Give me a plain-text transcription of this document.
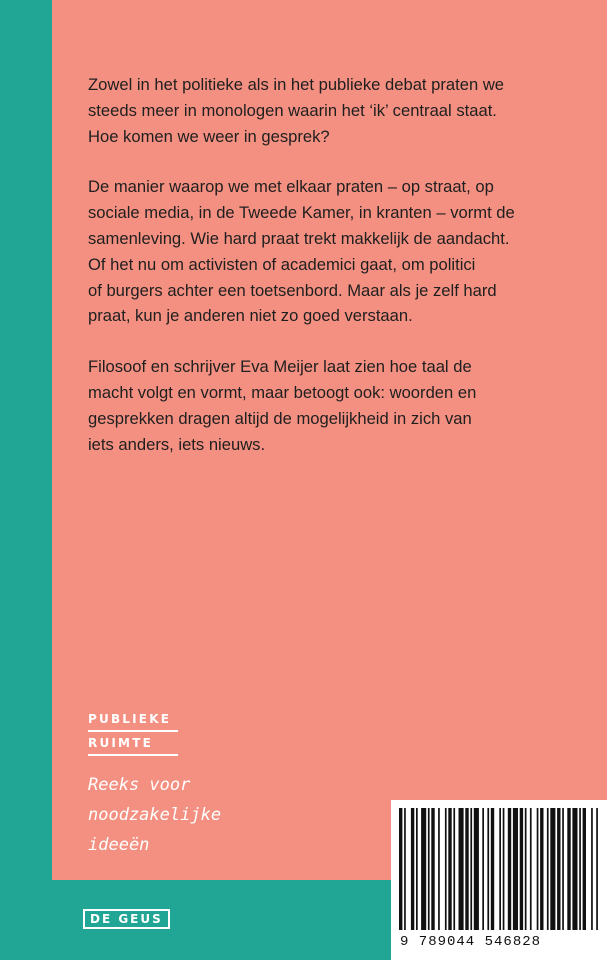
Zowel in het politieke als in het publieke debat praten we
steeds meer in monologen waarin het ‘ik’ centraal staat.
Hoe komen we weer in gesprek?

De manier waarop we met elkaar praten – op straat, op
sociale media, in de Tweede Kamer, in kranten – vormt de
samenleving. Wie hard praat trekt makkelijk de aandacht.
Of het nu om activisten of academici gaat, om politici
of burgers achter een toetsenbord. Maar als je zelf hard
praat, kun je anderen niet zo goed verstaan.

Filosoof en schrijver Eva Meijer laat zien hoe taal de
macht volgt en vormt, maar betoogt ook: woorden en
gesprekken dragen altijd de mogelijkheid in zich van
iets anders, iets nieuws.

PUBLIEKE
RUIMTE
Reeks voor
noodzakelijke
ideeën
DE GEUS
9 789044 546828
